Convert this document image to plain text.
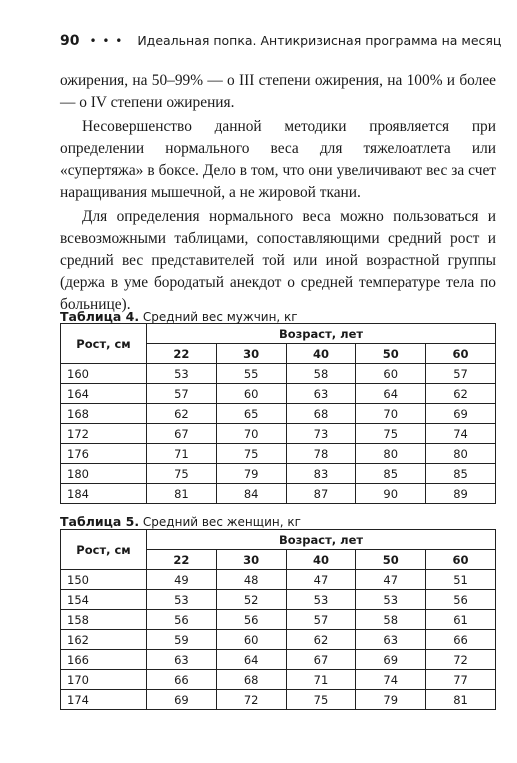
90 • • • Идеальная попка. Антикризисная программа на месяц

ожирения, на 50–99% — о III степени ожирения, на 100% и более — о IV степени ожирения.

Несовершенство данной методики проявляется при определении нормального веса для тяжелоатлета или «супертяжа» в боксе. Дело в том, что они увеличивают вес за счет наращивания мышечной, а не жировой ткани.

Для определения нормального веса можно пользоваться и всевозможными таблицами, сопоставляющими средний рост и средний вес представителей той или иной возрастной группы (держа в уме бородатый анекдот о средней температуре тела по больнице).

Таблица 4. Средний вес мужчин, кг
Рост, см	Возраст, лет				
	22	30	40	50	60
160	53	55	58	60	57
164	57	60	63	64	62
168	62	65	68	70	69
172	67	70	73	75	74
176	71	75	78	80	80
180	75	79	83	85	85
184	81	84	87	90	89
Таблица 5. Средний вес женщин, кг
Рост, см	Возраст, лет				
	22	30	40	50	60
150	49	48	47	47	51
154	53	52	53	53	56
158	56	56	57	58	61
162	59	60	62	63	66
166	63	64	67	69	72
170	66	68	71	74	77
174	69	72	75	79	81
